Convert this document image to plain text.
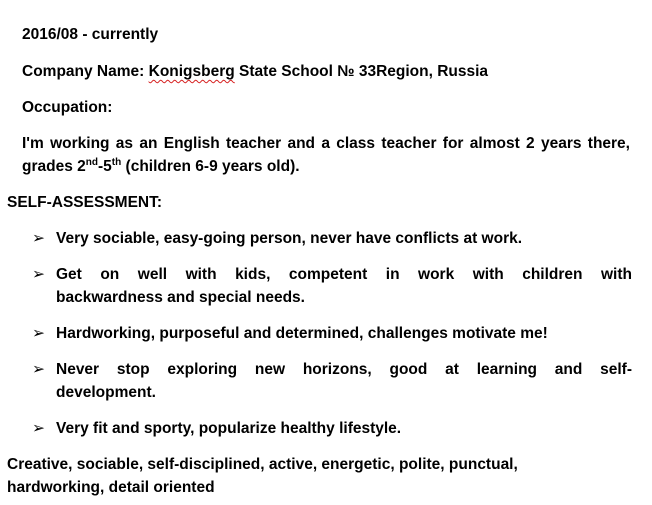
2016/08 - currently
Company Name: Konigsberg State School № 33Region, Russia
Occupation:
I'm working as an English teacher and a class teacher for almost 2 years there,
grades 2nd-5th (children 6-9 years old).
SELF-ASSESSMENT:
➢ Very sociable, easy-going person, never have conflicts at work.
➢ Get on well with kids, competent in work with children with
backwardness and special needs.
➢ Hardworking, purposeful and determined, challenges motivate me!
➢ Never stop exploring new horizons, good at learning and self-
development.
➢ Very fit and sporty, popularize healthy lifestyle.
Creative, sociable, self-disciplined, active, energetic, polite, punctual,
hardworking, detail oriented
